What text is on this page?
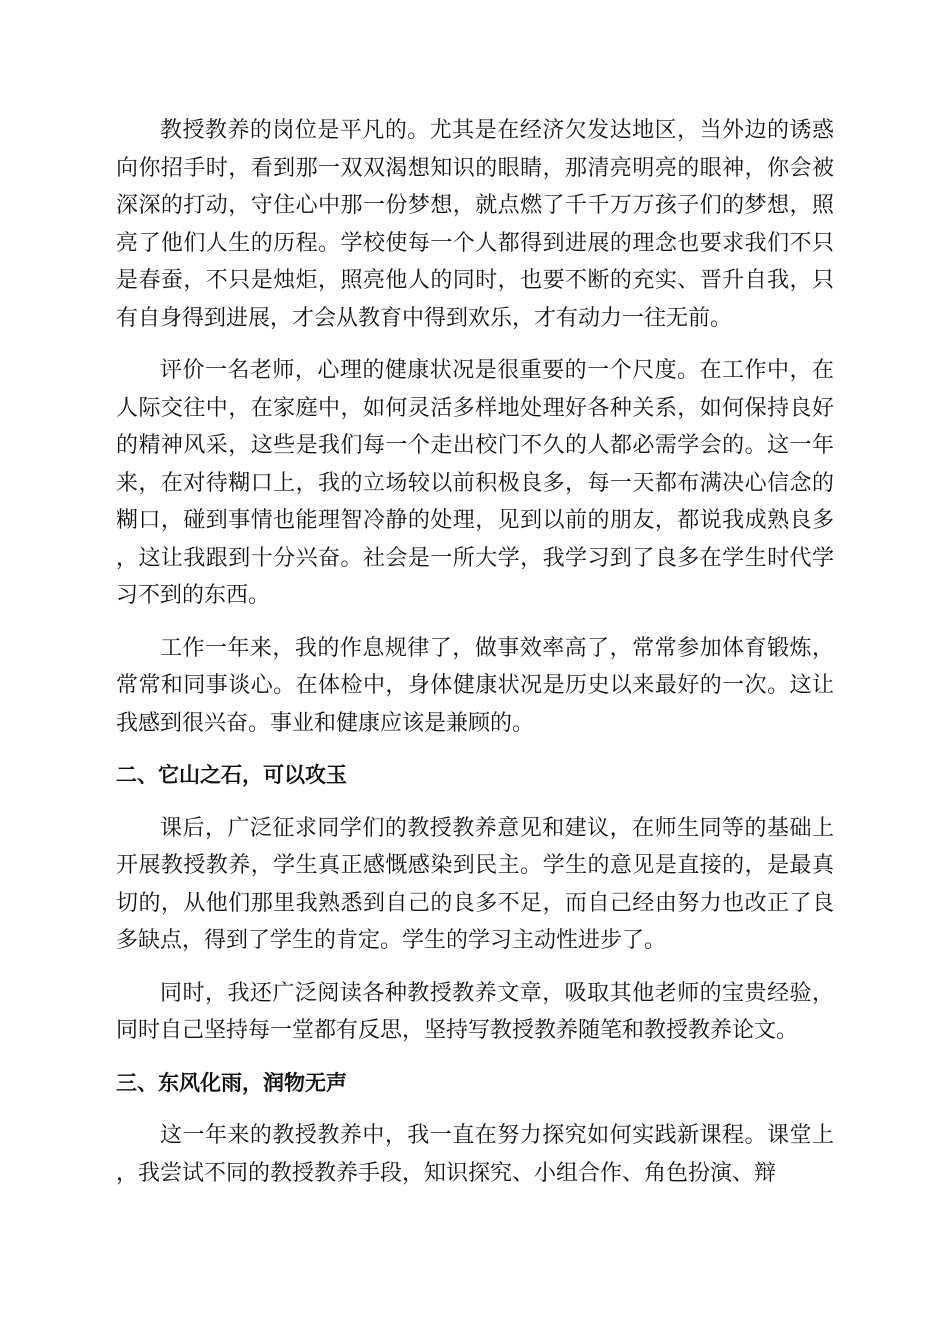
教授教养的岗位是平凡的。尤其是在经济欠发达地区，当外边的诱惑向你招手时，看到那一双双渴想知识的眼睛，那清亮明亮的眼神，你会被深深的打动，守住心中那一份梦想，就点燃了千千万万孩子们的梦想，照亮了他们人生的历程。学校使每一个人都得到进展的理念也要求我们不只是春蚕，不只是烛炬，照亮他人的同时，也要不断的充实、晋升自我，只有自身得到进展，才会从教育中得到欢乐，才有动力一往无前。

评价一名老师，心理的健康状况是很重要的一个尺度。在工作中，在人际交往中，在家庭中，如何灵活多样地处理好各种关系，如何保持良好的精神风采，这些是我们每一个走出校门不久的人都必需学会的。这一年来，在对待糊口上，我的立场较以前积极良多，每一天都布满决心信念的糊口，碰到事情也能理智冷静的处理，见到以前的朋友，都说我成熟良多，这让我跟到十分兴奋。社会是一所大学，我学习到了良多在学生时代学习不到的东西。

工作一年来，我的作息规律了，做事效率高了，常常参加体育锻炼，常常和同事谈心。在体检中，身体健康状况是历史以来最好的一次。这让我感到很兴奋。事业和健康应该是兼顾的。

二、它山之石，可以攻玉

课后，广泛征求同学们的教授教养意见和建议，在师生同等的基础上开展教授教养，学生真正感慨感染到民主。学生的意见是直接的，是最真切的，从他们那里我熟悉到自己的良多不足，而自己经由努力也改正了良多缺点，得到了学生的肯定。学生的学习主动性进步了。

同时，我还广泛阅读各种教授教养文章，吸取其他老师的宝贵经验，同时自己坚持每一堂都有反思，坚持写教授教养随笔和教授教养论文。

三、东风化雨，润物无声

这一年来的教授教养中，我一直在努力探究如何实践新课程。课堂上，我尝试不同的教授教养手段，知识探究、小组合作、角色扮演、辩
